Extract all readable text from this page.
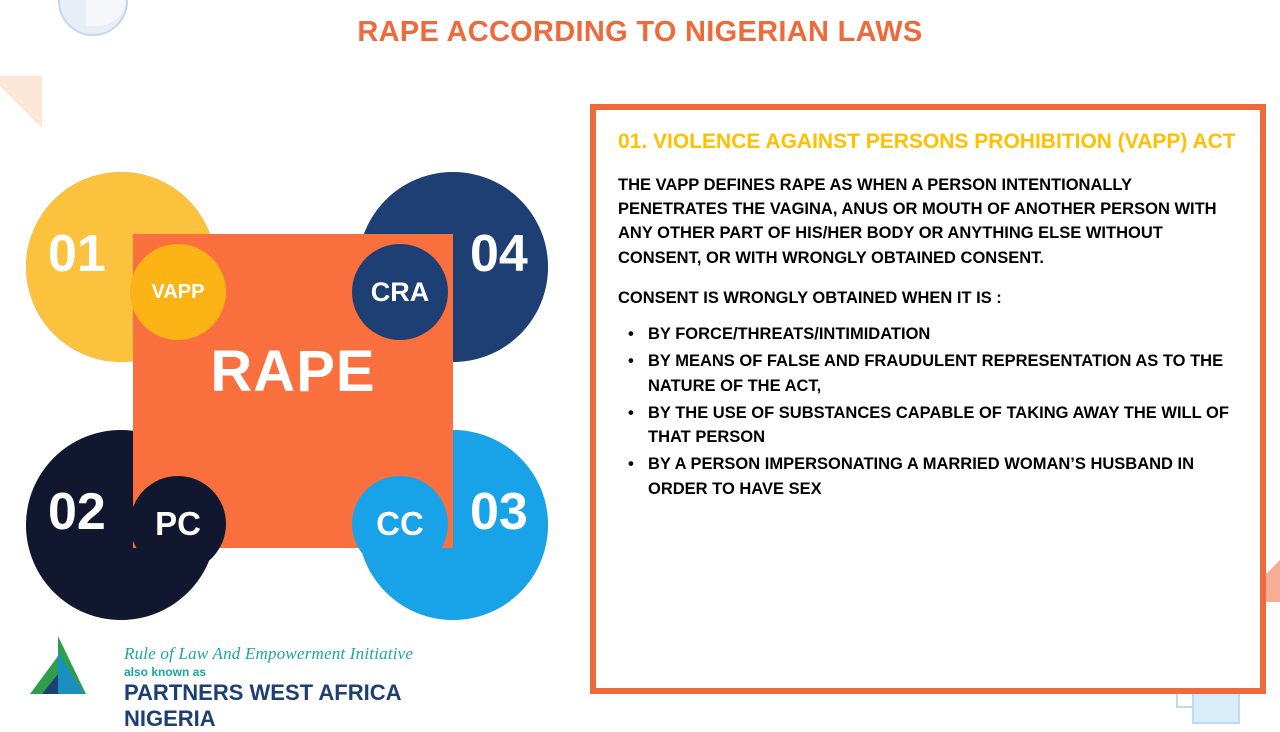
RAPE ACCORDING TO NIGERIAN LAWS
01	04
02	03
RAPE
VAPP	CRA
PC	CC
Rule of Law And Empowerment Initiative
also known as
PARTNERS WEST AFRICA NIGERIA
01. VIOLENCE AGAINST PERSONS PROHIBITION (VAPP) ACT
THE VAPP DEFINES RAPE AS WHEN A PERSON INTENTIONALLY PENETRATES THE VAGINA, ANUS OR MOUTH OF ANOTHER PERSON WITH ANY OTHER PART OF HIS/HER BODY OR ANYTHING ELSE WITHOUT CONSENT, OR WITH WRONGLY OBTAINED CONSENT.
CONSENT IS WRONGLY OBTAINED WHEN IT IS :
• BY FORCE/THREATS/INTIMIDATION
• BY MEANS OF FALSE AND FRAUDULENT REPRESENTATION AS TO THE NATURE OF THE ACT,
• BY THE USE OF SUBSTANCES CAPABLE OF TAKING AWAY THE WILL OF THAT PERSON
• BY A PERSON IMPERSONATING A MARRIED WOMAN’S HUSBAND IN ORDER TO HAVE SEX
